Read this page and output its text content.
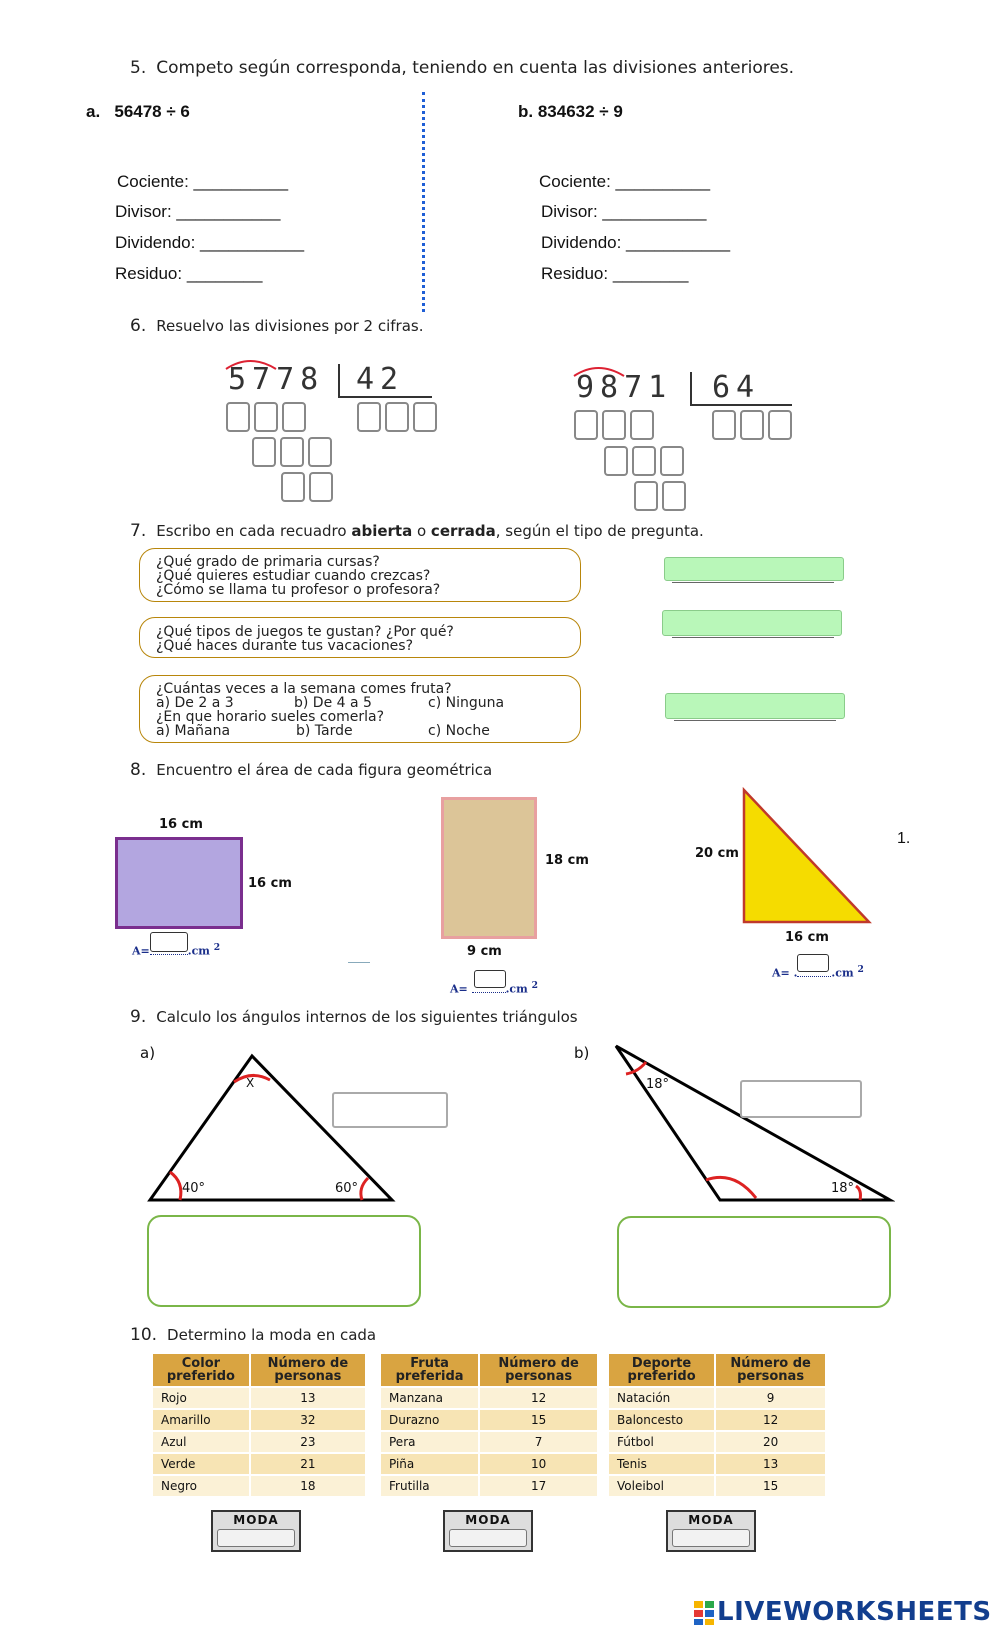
5. Competo según corresponda, teniendo en cuenta las divisiones anteriores.
a. 56478 ÷ 6	b. 834632 ÷ 9
Cociente: __________
Divisor: ___________
Dividendo: ___________
Residuo: ________
Cociente: __________
Divisor: ___________
Dividendo: ___________
Residuo: ________
6. Resuelvo las divisiones por 2 cifras.
5778 42	9871 64
7. Escribo en cada recuadro abierta o cerrada, según el tipo de pregunta.
¿Qué grado de primaria cursas?
¿Qué quieres estudiar cuando crezcas?
¿Cómo se llama tu profesor o profesora?
¿Qué tipos de juegos te gustan? ¿Por qué?
¿Qué haces durante tus vacaciones?
¿Cuántas veces a la semana comes fruta?
a) De 2 a 3	b) De 4 a 5	c) Ninguna
¿En que horario sueles comerla?
a) Mañana	b) Tarde	c) Noche
8. Encuentro el área de cada figura geométrica
16 cm
16 cm
A=	.cm $^2$
18 cm
9 cm
A=	.cm $^2$
20 cm
16 cm
1.
A= .	.cm $^2$
9. Calculo los ángulos internos de los siguientes triángulos
a)
X
40°	60°
b)
18°
18°
10. Determino la moda en cada
Color preferido	Número de personas
Rojo	13
Amarillo	32
Azul	23
Verde	21
Negro	18
Fruta preferida	Número de personas
Manzana	12
Durazno	15
Pera	7
Piña	10
Frutilla	17
Deporte preferido	Número de personas
Natación	9
Baloncesto	12
Fútbol	20
Tenis	13
Voleibol	15
MODA	MODA	MODA
LIVEWORKSHEETS
